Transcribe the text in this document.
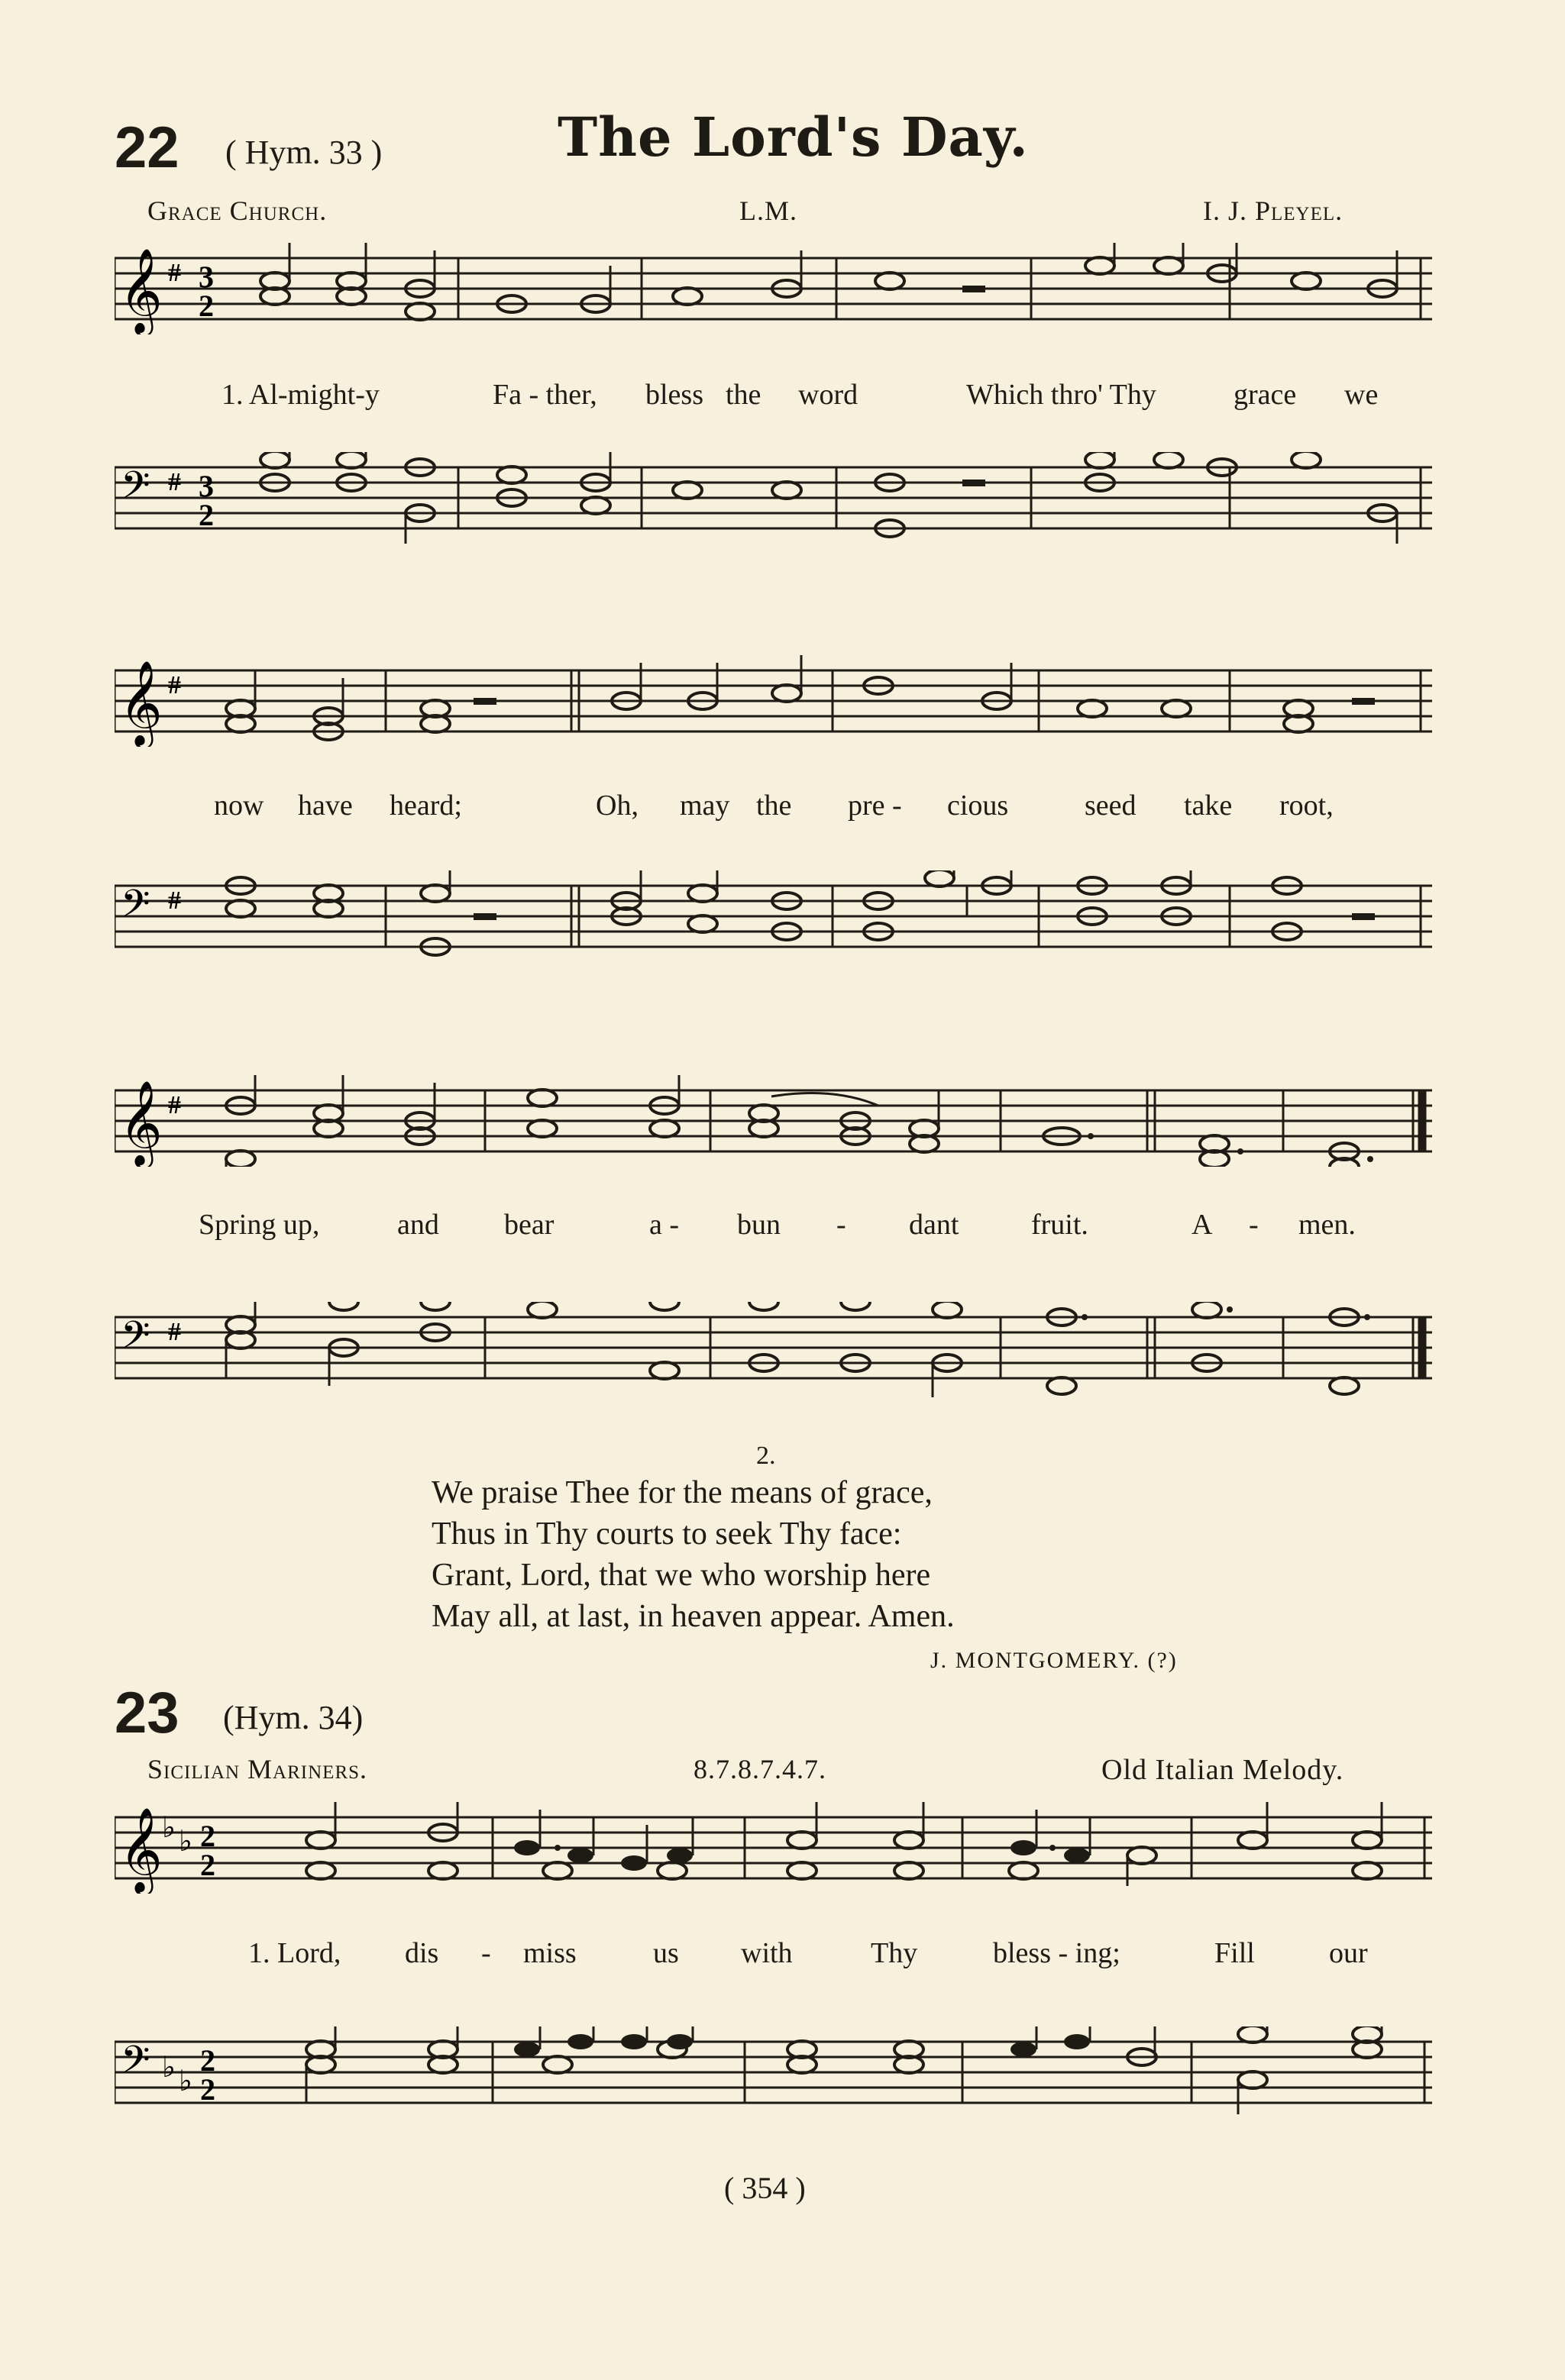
22 ( Hym. 33 )	The Lord's Day.
Grace Church.	L.M.	I. J. Pleyel.
𝄞 # 3
2
1. Al-might-y	Fa - ther, bless the word	Which thro' Thy	grace we
𝄢 # 3
2
𝄞 #
now have heard;	Oh, may the pre - cious	seed take root,
𝄢 #
𝄞 #
Spring up,	and bear	a - bun - dant fruit.	A - men.
𝄢 #
2.
We praise Thee for the means of grace,
Thus in Thy courts to seek Thy face:
Grant, Lord, that we who worship here
May all, at last, in heaven appear. Amen.
J. MONTGOMERY. (?)
23 (Hym. 34)
Sicilian Mariners.	8.7.8.7.4.7.	Old Italian Melody.
𝄞 ♭ ♭ 2
2
1. Lord, dis - miss	us with	Thy	bless - ing;	Fill	our
𝄢 ♭ ♭
2
2
( 354 )
